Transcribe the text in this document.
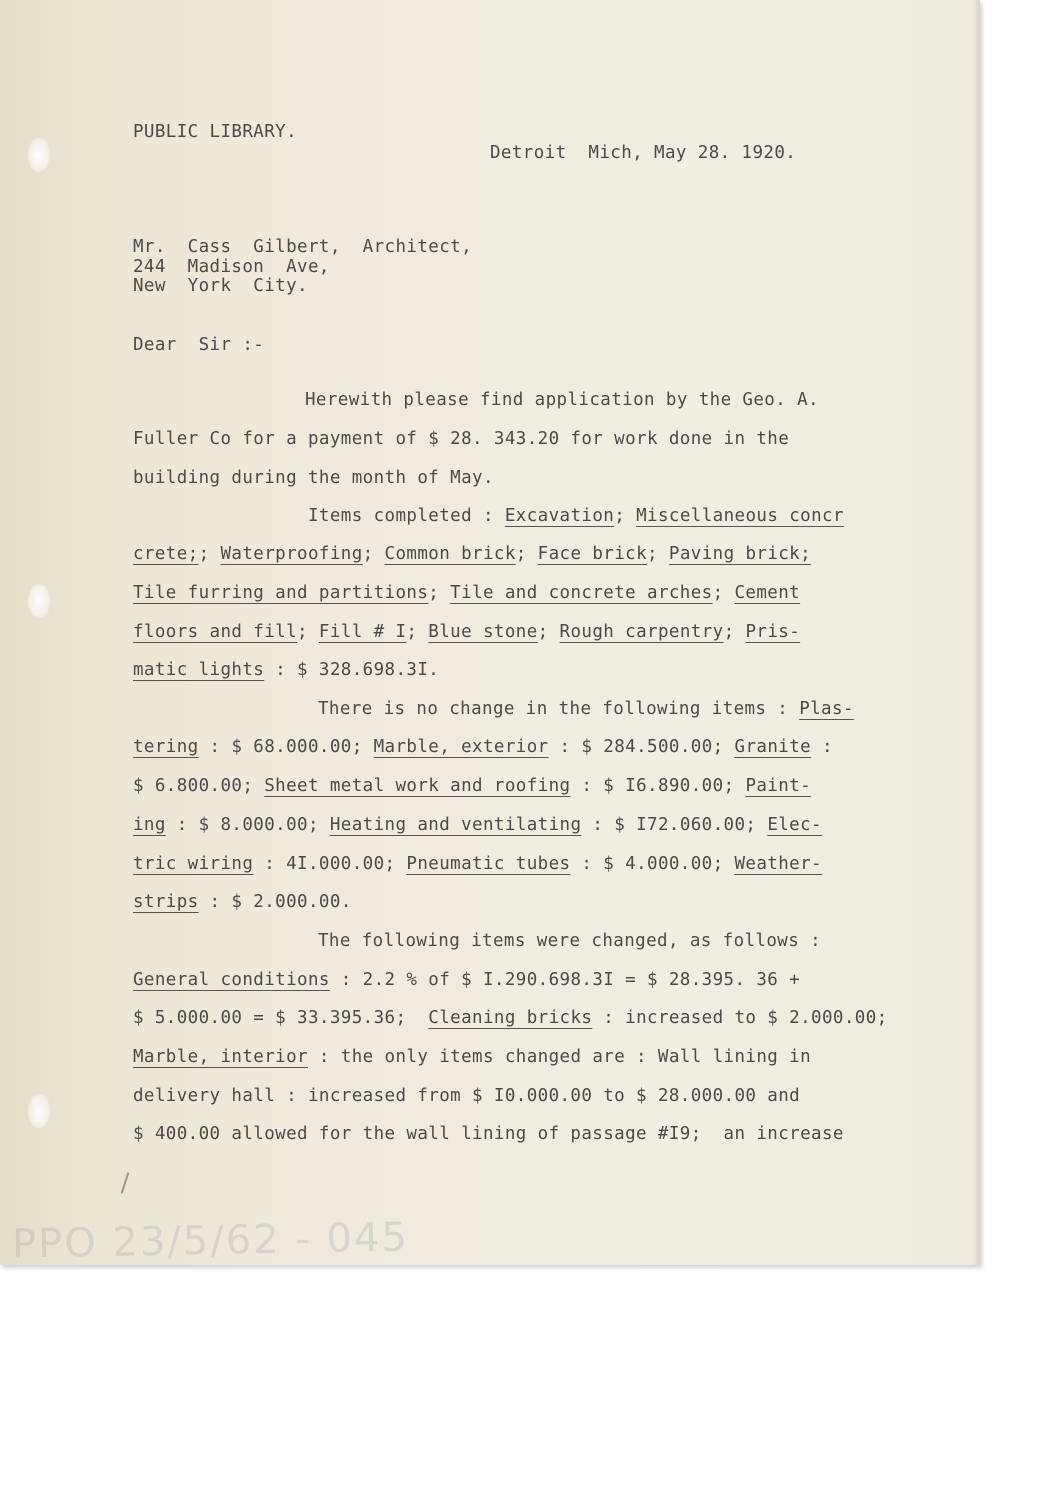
PPO 23/5/62 - 045
PUBLIC LIBRARY.
Detroit  Mich, May 28. 1920.
Mr.  Cass  Gilbert,  Architect,
244  Madison  Ave,
New  York  City.
Dear  Sir :-
Herewith please find application by the Geo. A.
Fuller Co for a payment of $ 28. 343.20 for work done in the
building during the month of May.
Items completed : Excavation; Miscellaneous concr
crete;; Waterproofing; Common brick; Face brick; Paving brick;
Tile furring and partitions; Tile and concrete arches; Cement
floors and fill; Fill # I; Blue stone; Rough carpentry; Pris-
matic lights : $ 328.698.3I.
There is no change in the following items : Plas-
tering : $ 68.000.00; Marble, exterior : $ 284.500.00; Granite :
$ 6.800.00; Sheet metal work and roofing : $ I6.890.00; Paint-
ing : $ 8.000.00; Heating and ventilating : $ I72.060.00; Elec-
tric wiring : 4I.000.00; Pneumatic tubes : $ 4.000.00; Weather-
strips : $ 2.000.00.
The following items were changed, as follows :
General conditions : 2.2 % of $ I.290.698.3I = $ 28.395. 36 +
$ 5.000.00 = $ 33.395.36;  Cleaning bricks : increased to $ 2.000.00;
Marble, interior : the only items changed are : Wall lining in
delivery hall : increased from $ I0.000.00 to $ 28.000.00 and
$ 400.00 allowed for the wall lining of passage #I9;  an increase
